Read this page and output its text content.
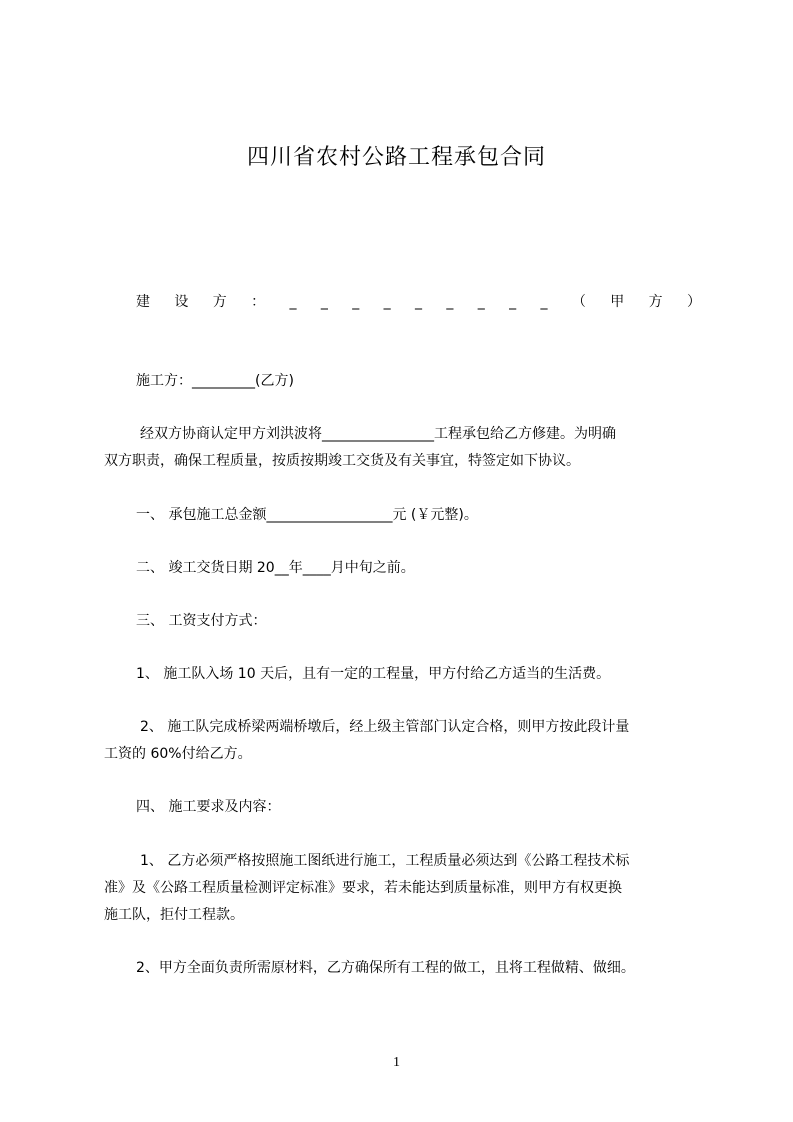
四川省农村公路工程承包合同
建 设 方 ： _ _ _ _ _ _ _ _ _ （ 甲 方 ）
施工方：_________(乙方)
经双方协商认定甲方刘洪波将________________工程承包给乙方修建。为明确
双方职责，确保工程质量，按质按期竣工交货及有关事宜，特签定如下协议。
一、 承包施工总金额__________________元 (￥元整)。
二、 竣工交货日期 20__年____月中旬之前。
三、 工资支付方式：
1、 施工队入场 10 天后，且有一定的工程量，甲方付给乙方适当的生活费。
2、 施工队完成桥梁两端桥墩后，经上级主管部门认定合格，则甲方按此段计量
工资的 60%付给乙方。
四、 施工要求及内容：
1、 乙方必须严格按照施工图纸进行施工，工程质量必须达到《公路工程技术标
准》及《公路工程质量检测评定标准》要求，若未能达到质量标准，则甲方有权更换
施工队，拒付工程款。
2、甲方全面负责所需原材料，乙方确保所有工程的做工，且将工程做精、做细。
1
